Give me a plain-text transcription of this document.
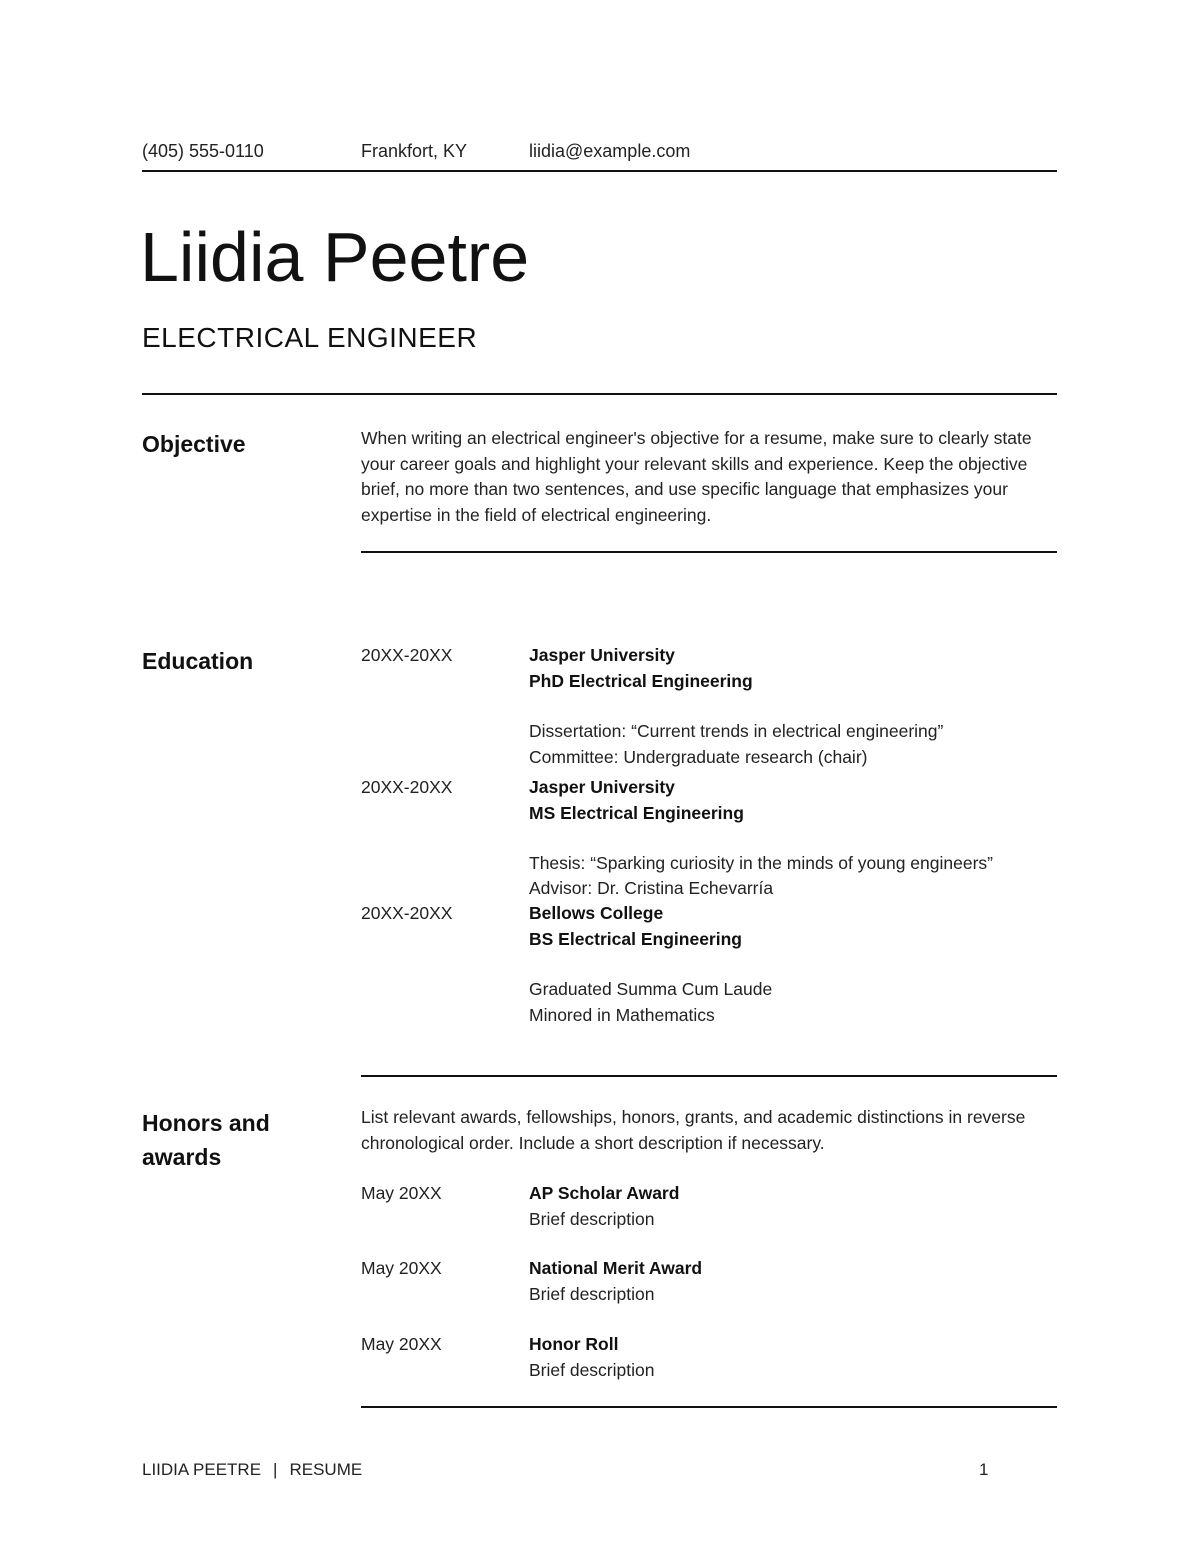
(405) 555-0110	Frankfort, KY	liidia@example.com
Liidia Peetre
ELECTRICAL ENGINEER
Objective	When writing an electrical engineer's objective for a resume, make sure to clearly state your career goals and highlight your relevant skills and experience. Keep the objective brief, no more than two sentences, and use specific language that emphasizes your expertise in the field of electrical engineering.
Education	20XX-20XX	Jasper University
PhD Electrical Engineering
Dissertation: “Current trends in electrical engineering”
Committee: Undergraduate research (chair)
20XX-20XX	Jasper University
MS Electrical Engineering
Thesis: “Sparking curiosity in the minds of young engineers”
Advisor: Dr. Cristina Echevarría
20XX-20XX	Bellows College
BS Electrical Engineering
Graduated Summa Cum Laude
Minored in Mathematics
Honors and
awards
List relevant awards, fellowships, honors, grants, and academic distinctions in reverse chronological order. Include a short description if necessary.
May 20XX	AP Scholar Award
Brief description
May 20XX	National Merit Award
Brief description
May 20XX	Honor Roll
Brief description
LIIDIA PEETRE | RESUME	1
